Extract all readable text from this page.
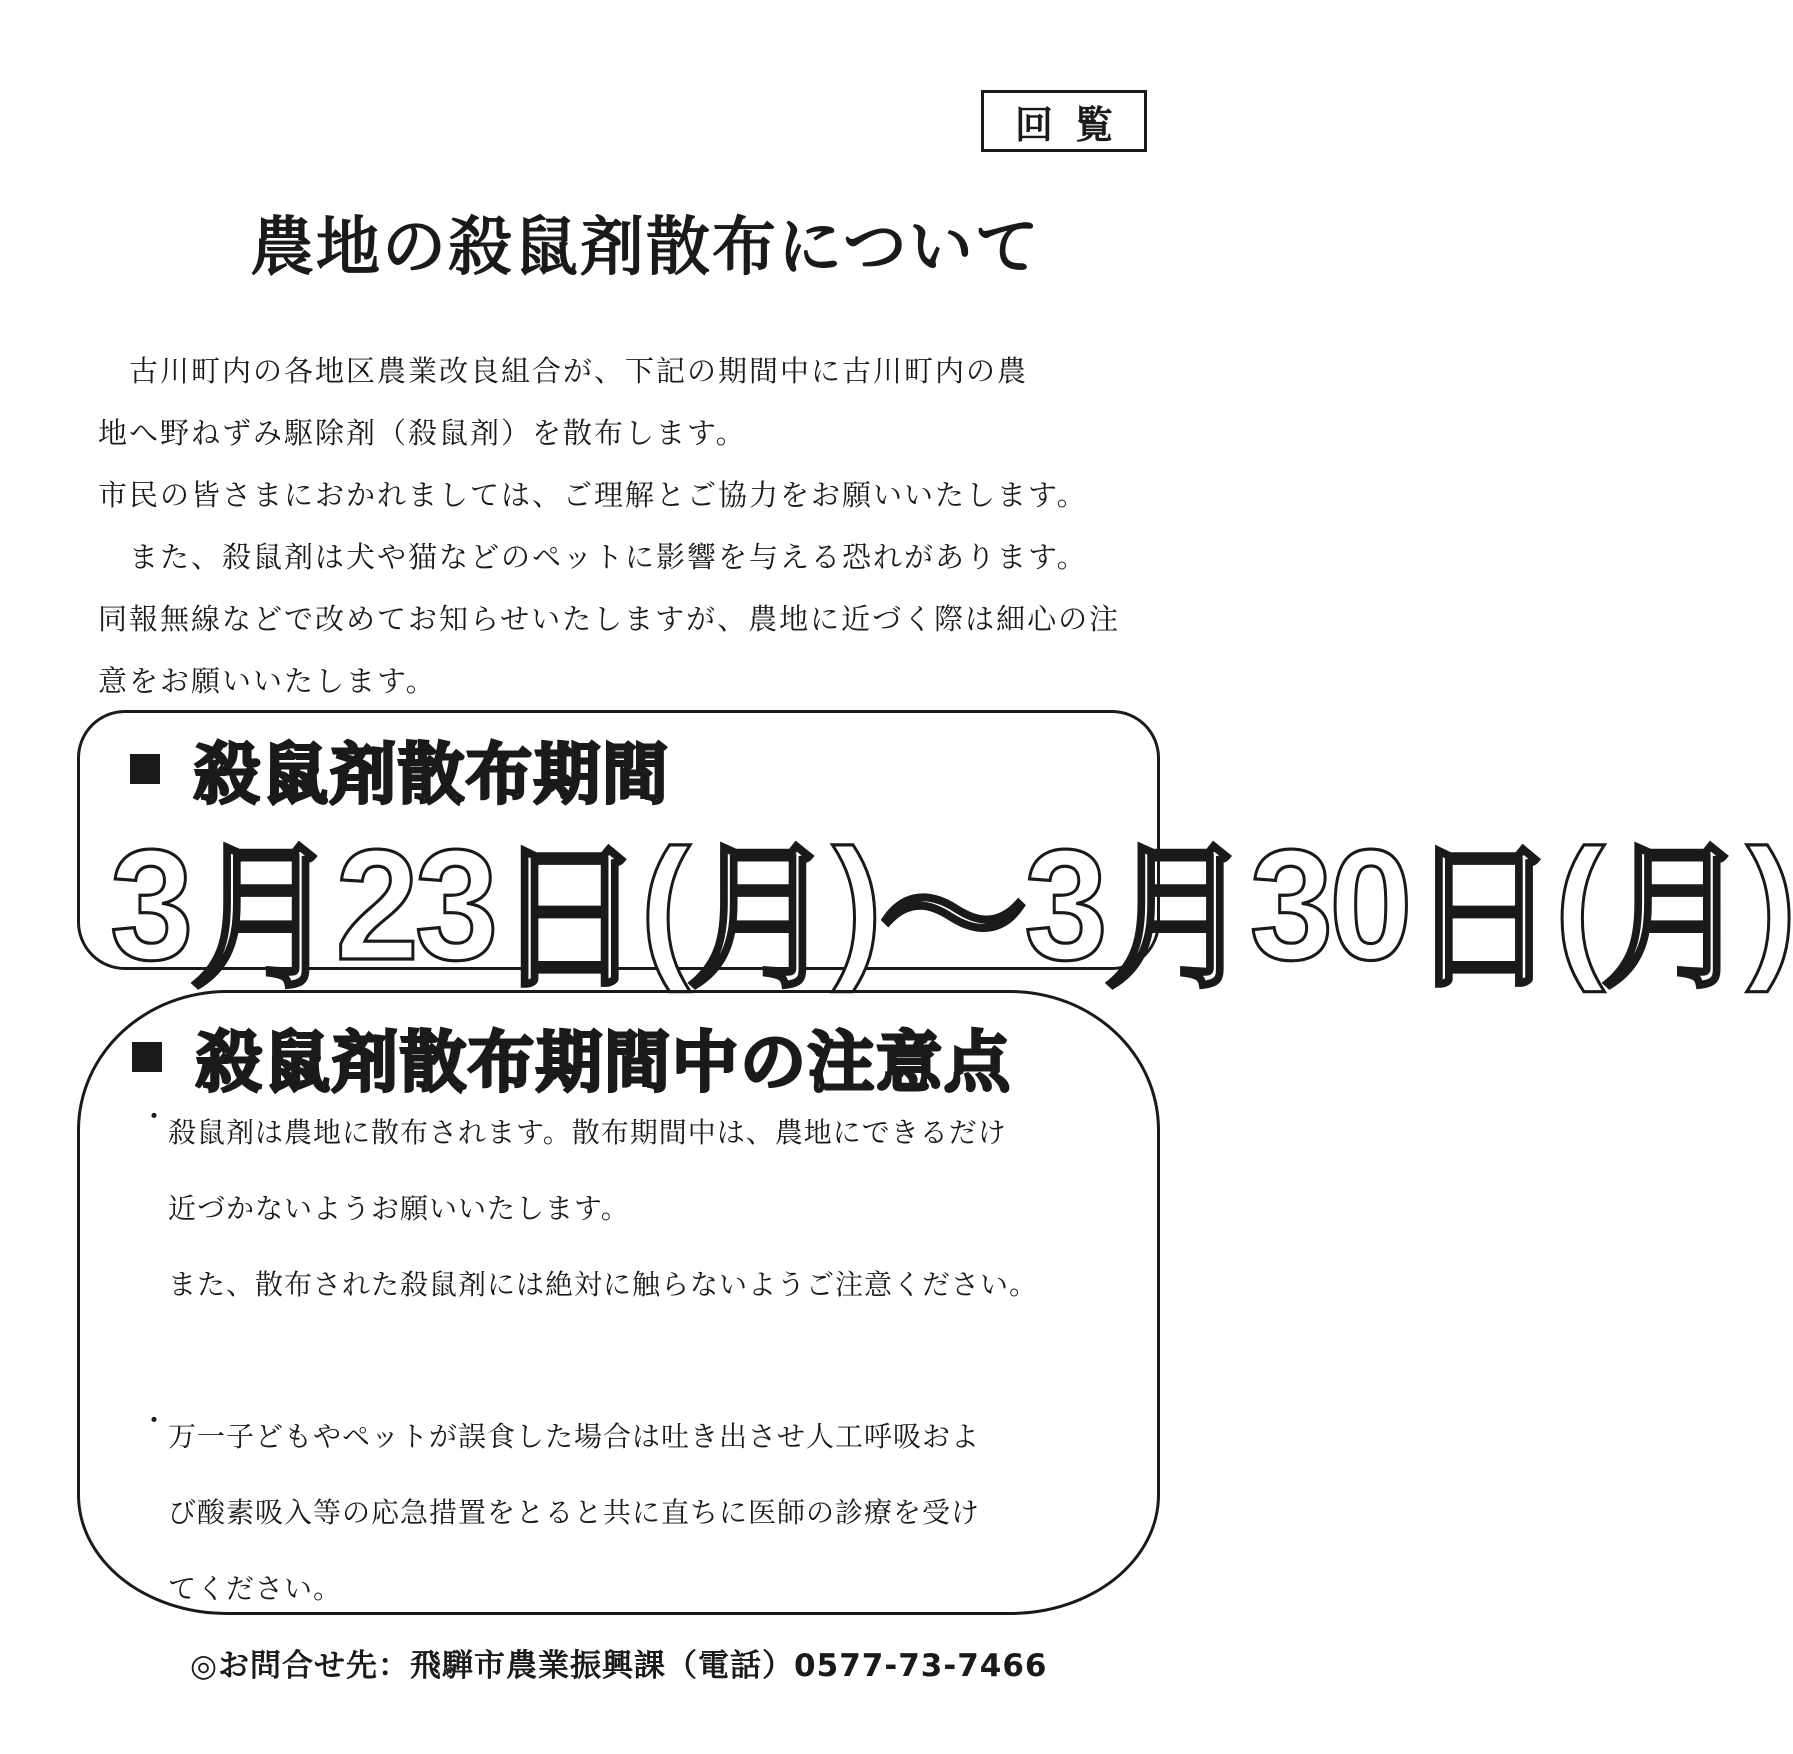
回覧
農地の殺鼠剤散布について

　古川町内の各地区農業改良組合が、下記の期間中に古川町内の農

地へ野ねずみ駆除剤（殺鼠剤）を散布します。

市民の皆さまにおかれましては、ご理解とご協力をお願いいたします。

　また、殺鼠剤は犬や猫などのペットに影響を与える恐れがあります。

同報無線などで改めてお知らせいたしますが、農地に近づく際は細心の注

意をお願いいたします。

殺鼠剤散布期間
3 月 2 3 日 ( 月 ) ～ 3 月 3 0 日 ( 月 )
殺鼠剤散布期間中の注意点
・

殺鼠剤は農地に散布されます。散布期間中は、農地にできるだけ

近づかないようお願いいたします。

また、散布された殺鼠剤には絶対に触らないようご注意ください。

・

万一子どもやペットが誤食した場合は吐き出させ人工呼吸およ

び酸素吸入等の応急措置をとると共に直ちに医師の診療を受け

てください。

◎お問合せ先：飛騨市農業振興課（電話）0577-73-7466
